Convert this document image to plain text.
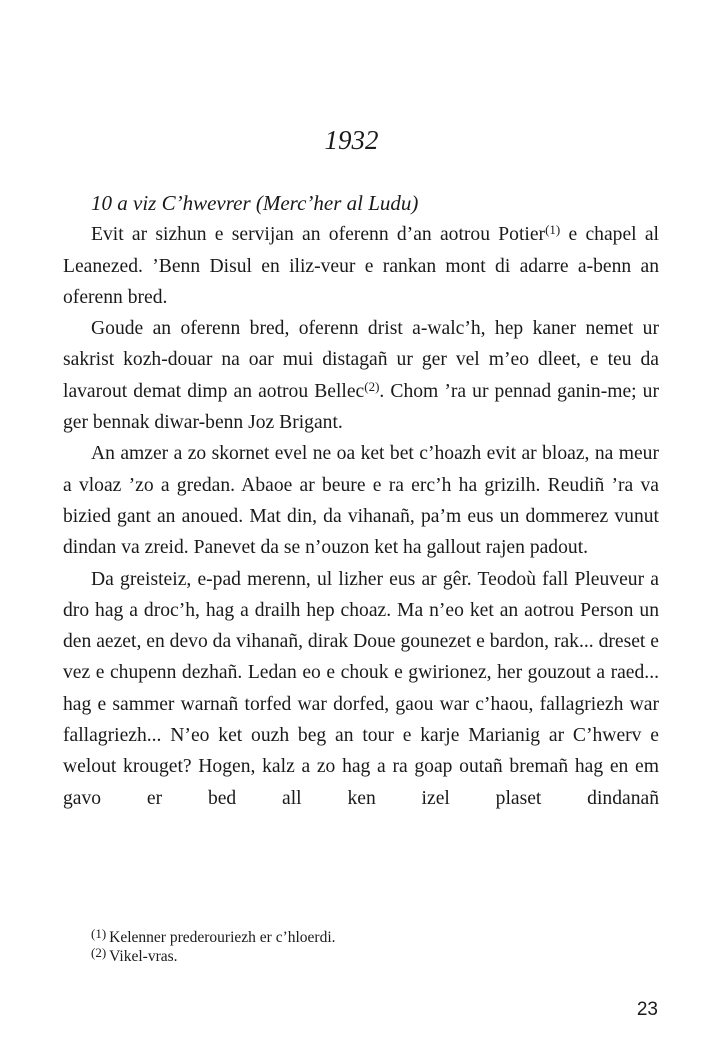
1932

10 a viz C’hwevrer (Merc’her al Ludu)

Evit ar sizhun e servijan an oferenn d’an aotrou Potier$^{(1)}$ e chapel al Leanezed. ’Benn Disul en iliz-veur e rankan mont di adarre a-benn an oferenn bred.

Goude an oferenn bred, oferenn drist a-walc’h, hep kaner nemet ur sakrist kozh-douar na oar mui distagañ ur ger vel m’eo dleet, e teu da lavarout demat dimp an aotrou Bellec$^{(2)}$. Chom ’ra ur pennad ganin-me; ur ger bennak diwar-benn Joz Brigant.

An amzer a zo skornet evel ne oa ket bet c’hoazh evit ar bloaz, na meur a vloaz ’zo a gredan. Abaoe ar beure e ra erc’h ha grizilh. Reudiñ ’ra va bizied gant an anoued. Mat din, da vihanañ, pa’m eus un dommerez vunut dindan va zreid. Panevet da se n’ouzon ket ha gallout rajen padout.

Da greisteiz, e-pad merenn, ul lizher eus ar gêr. Teodoù fall Pleuveur a dro hag a droc’h, hag a drailh hep choaz. Ma n’eo ket an aotrou Person un den aezet, en devo da vihanañ, dirak Doue gounezet e bardon, rak... dreset e vez e chupenn dezhañ. Ledan eo e chouk e gwirionez, her gouzout a raed... hag e sammer warnañ torfed war dorfed, gaou war c’haou, fallagriezh war fallagriezh... N’eo ket ouzh beg an tour e karje Marianig ar C’hwerv e welout krouget? Hogen, kalz a zo hag a ra goap outañ bremañ hag en em gavo er bed all ken izel plaset dindanañ

$^{(1)}$ Kelenner prederouriezh er c’hloerdi.
$^{(2)}$ Vikel-vras.
23
